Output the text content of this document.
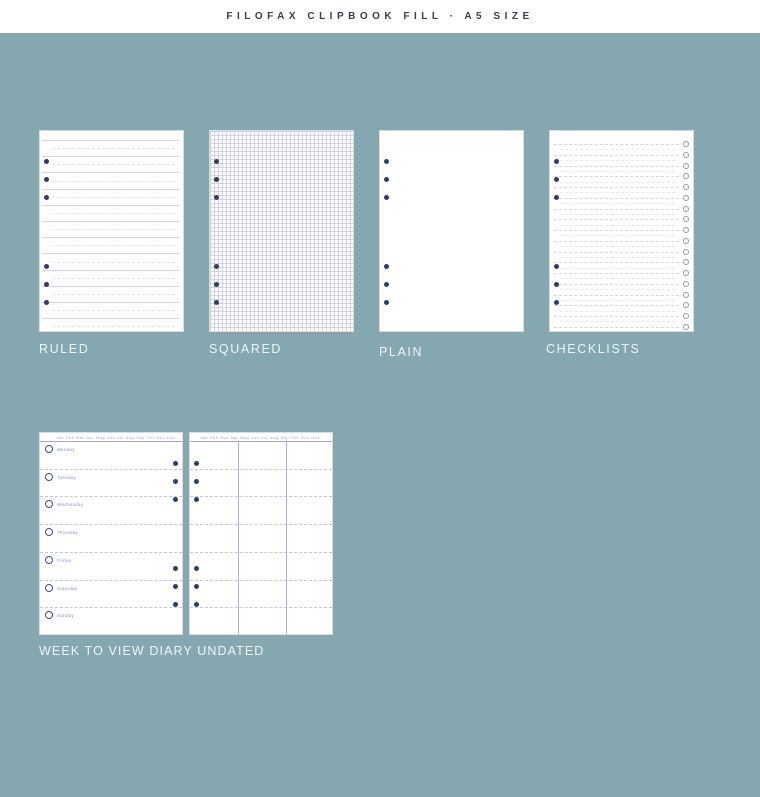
FILOFAX CLIPBOOK FILL · A5 SIZE
RULED	SQUARED	PLAIN	CHECKLISTS
Jan Feb Mar Apr May Jun Jul Aug Sep Oct Nov Dec
Monday
Tuesday
Wednesday
Thursday
Friday
Saturday
Sunday
Jan Feb Mar Apr May Jun Jul Aug Sep Oct Nov Dec
WEEK TO VIEW DIARY UNDATED
